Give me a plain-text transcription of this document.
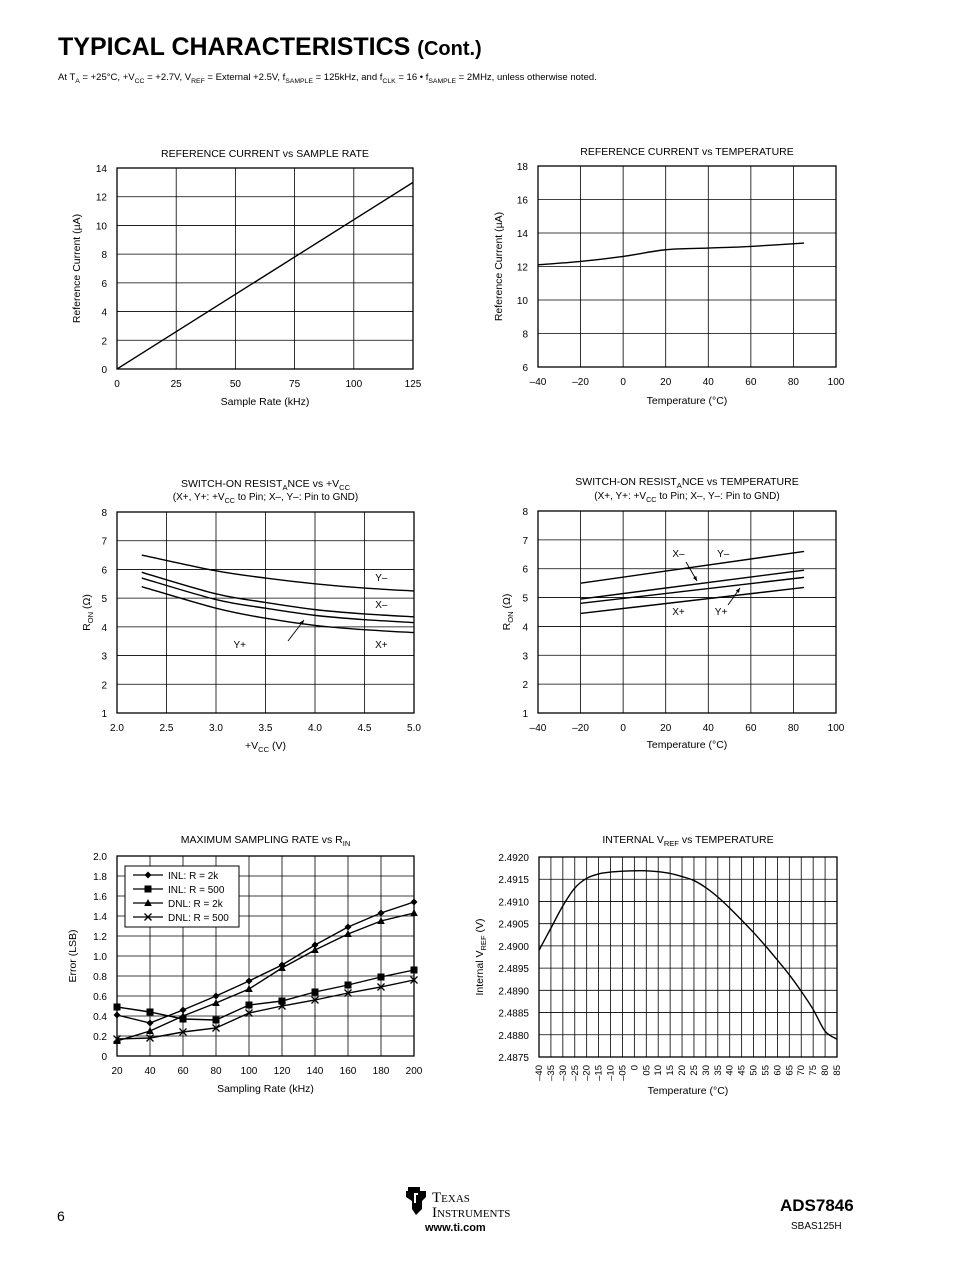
TYPICAL CHARACTERISTICS (Cont.)
At $T_A = +25^\circ C$, $+V_{CC} = +2.7V$, $V_{REF}$ = External +2.5V, $f_{SAMPLE} = 125kHz$, and $f_{CLK} = 16$ • $f_{SAMPLE} = 2MHz$, unless otherwise noted.
REFERENCE CURRENT vs SAMPLE RATE
0	25	50	75	100	125
0
2
4
6
8
10
12
14
Sample Rate (kHz)
Reference Current (µA)
REFERENCE CURRENT vs TEMPERATURE
–40	–20	0	20	40	60	80	100
6
8
10
12
14
16
18
Temperature (°C)
Reference Current (µA)
SWITCH-ON $RESIST_ANCE$ vs $+V_{CC}$
(X+, Y+: $+V_{CC}$ to Pin; X–, Y–: Pin to GND)
2.0	2.5	3.0	3.5	4.0	4.5	5.0
1
2
3
4
5
6
7
8
$+V_{CC}$ (V)
$R_{ON}$ (Ω)
Y–
X–
Y+	X+
SWITCH-ON $RESIST_ANCE$ vs TEMPERATURE
(X+, Y+: $+V_{CC}$ to Pin; X–, Y–: Pin to GND)
–40	–20	0	20	40	60	80	100
1
2
3
4
5
6
7
8
Temperature (°C)
$R_{ON}$ (Ω)
X–	Y–
X+	Y+
MAXIMUM SAMPLING RATE vs $R_{IN}$
20 40 60 80 100 120 140 160 180 200
0
0.2
0.4
0.6
0.8
1.0
1.2
1.4
1.6
1.8
2.0
Sampling Rate (kHz)
Error (LSB)
INL: R = 2k
INL: R = 500
DNL: R = 2k
DNL: R = 500
INTERNAL $V_{REF}$ vs TEMPERATURE
–40 –35 –30 –25 –20 –15 –10 –05 0 05 10 15 20 25 30 35 40 45 50 55 60 65 70 75 80 85
2.4875
2.4880
2.4885
2.4890
2.4895
2.4900
2.4905
2.4910
2.4915
2.4920
Temperature (°C)
Internal $V_{REF}$ (V)
6
Texas
Instruments
www.ti.com
ADS7846
SBAS125H
